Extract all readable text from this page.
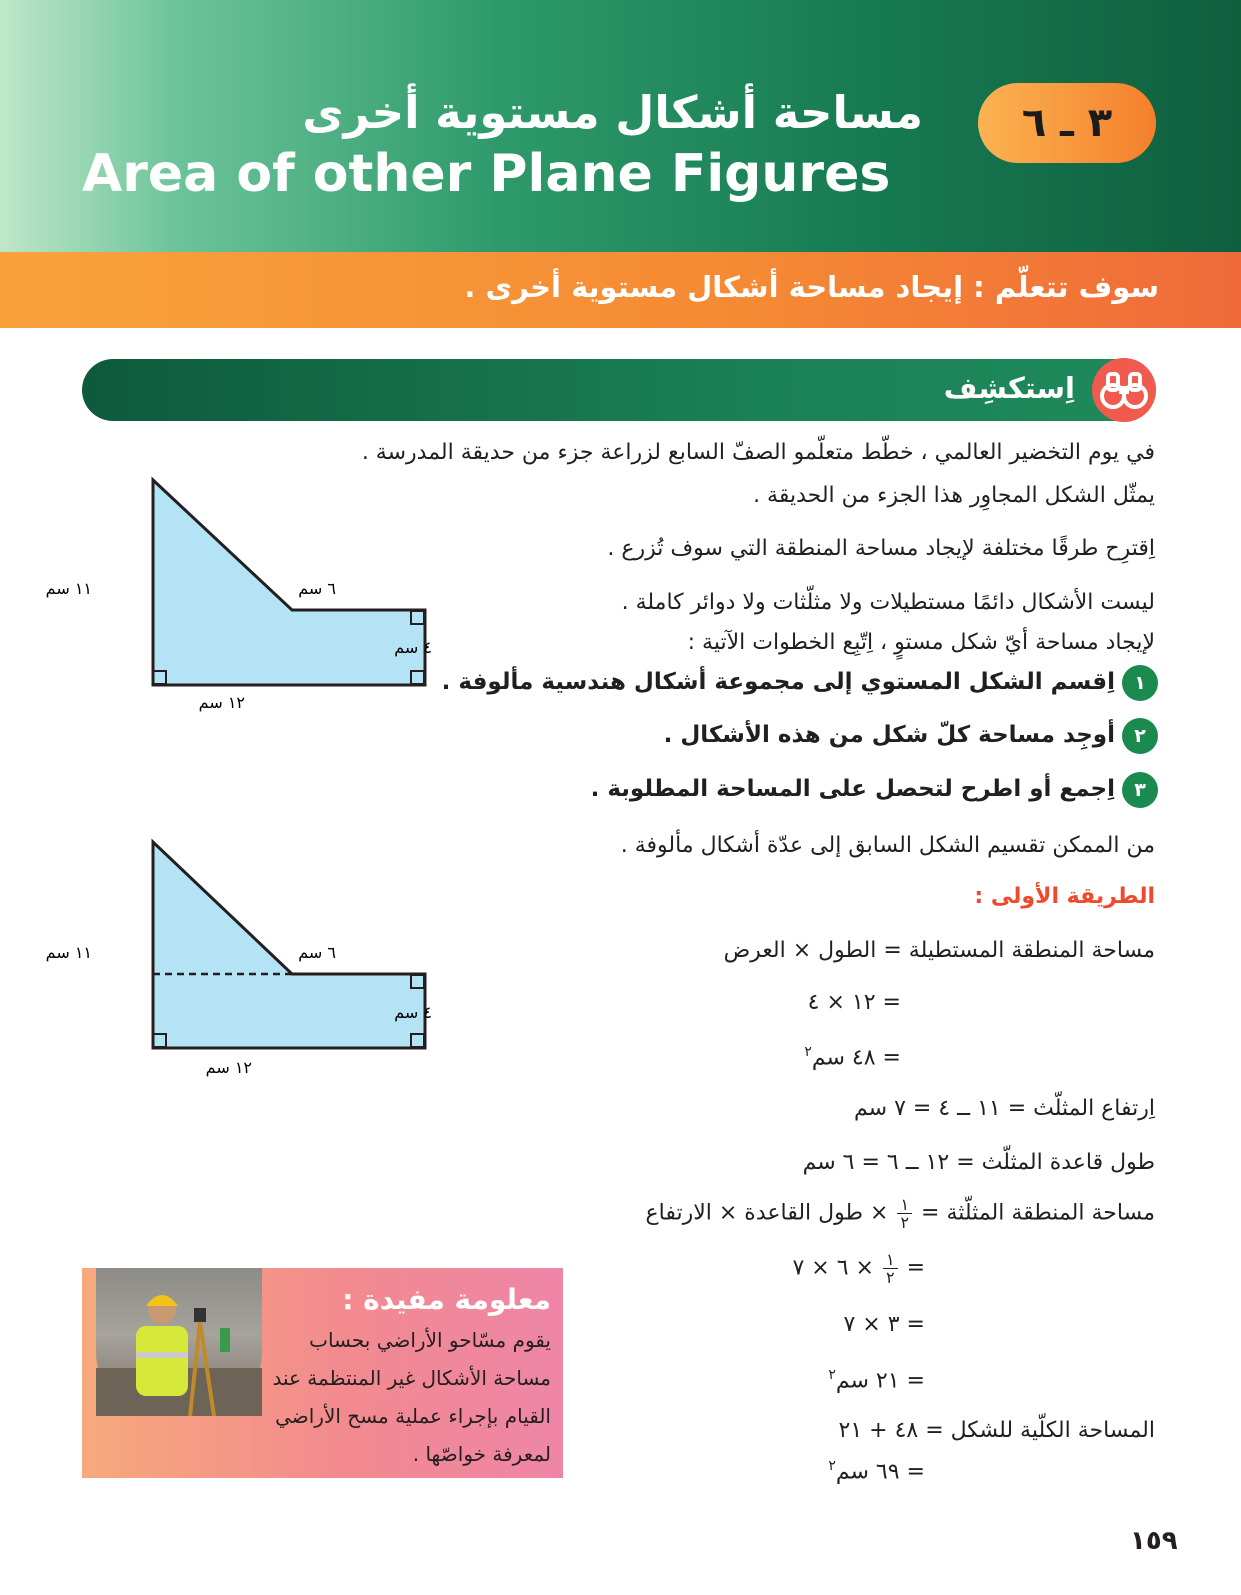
٣ ـ ٦
مساحة أشكال مستوية أخرى
Area of other Plane Figures
سوف تتعلّم : إيجاد مساحة أشكال مستوية أخرى .
اِستكشِف
في يوم التخضير العالمي ، خطّط متعلّمو الصفّ السابع لزراعة جزء من حديقة المدرسة .
يمثّل الشكل المجاوِر هذا الجزء من الحديقة .
اِقترِح طرقًا مختلفة لإيجاد مساحة المنطقة التي سوف تُزرع .
ليست الأشكال دائمًا مستطيلات ولا مثلّثات ولا دوائر كاملة .
لإيجاد مساحة أيّ شكل مستوٍ ، اِتّبِع الخطوات الآتية :
١
اِقسم الشكل المستوي إلى مجموعة أشكال هندسية مألوفة .
٢
أوجِد مساحة كلّ شكل من هذه الأشكال .
٣
اِجمع أو اطرح لتحصل على المساحة المطلوبة .
من الممكن تقسيم الشكل السابق إلى عدّة أشكال مألوفة .
الطريقة الأولى :
مساحة المنطقة المستطيلة = الطول × العرض
= ١٢ × ٤
= ٤٨ سم$^٢$
اِرتفاع المثلّث = ١١ ــ ٤ = ٧ سم
طول قاعدة المثلّث = ١٢ ــ ٦ = ٦ سم
مساحة المنطقة المثلّثة =
$\frac{١}{٢}$
× طول القاعدة × الارتفاع
=
$\frac{١}{٢}$
× ٦ × ٧
= ٣ × ٧
= ٢١ سم$^٢$
المساحة الكلّية للشكل = ٤٨ + ٢١
= ٦٩ سم$^٢$
١١ سم	٦ سم
٤ سم
١٢ سم
١١ سم	٦ سم
٤ سم
١٢ سم
معلومة مفيدة :
يقوم مسّاحو الأراضي بحساب
مساحة الأشكال غير المنتظمة عند
القيام بإجراء عملية مسح الأراضي
لمعرفة خواصّها .
١٥٩
